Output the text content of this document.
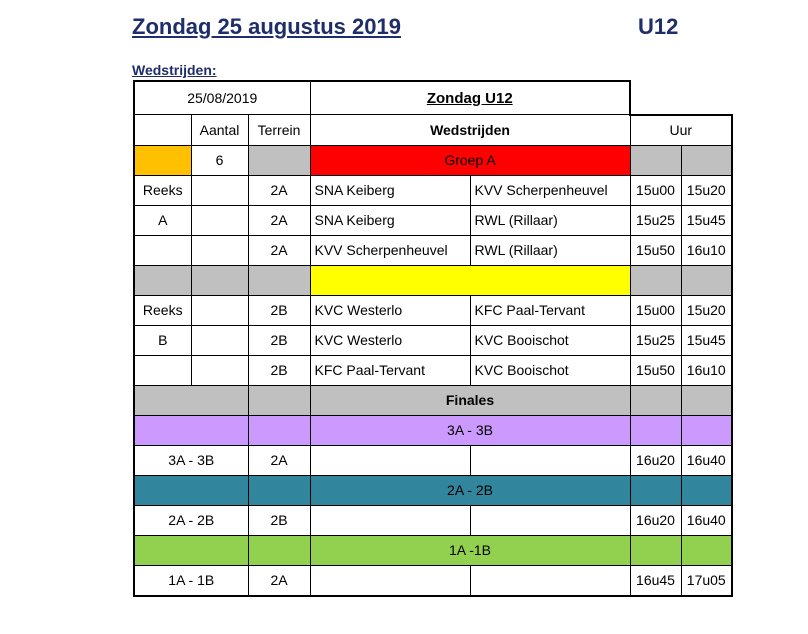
Zondag 25 augustus 2019	U12
Wedstrijden:
25/08/2019			Zondag U12			
	Aantal	Terrein	Wedstrijden		Uur	
	6		Groep A			
Reeks		2A	SNA Keiberg	KVV Scherpenheuvel	15u00	15u20
A		2A	SNA Keiberg	RWL (Rillaar)	15u25	15u45
		2A	KVV Scherpenheuvel	RWL (Rillaar)	15u50	16u10

Reeks		2B	KVC Westerlo	KFC Paal-Tervant	15u00	15u20
B		2B	KVC Westerlo	KVC Booischot	15u25	15u45
		2B	KFC Paal-Tervant	KVC Booischot	15u50	16u10
			Finales			
			3A - 3B			
3A - 3B		2A			16u20	16u40
			2A - 2B			
2A - 2B		2B			16u20	16u40
			1A -1B			
1A - 1B		2A			16u45	17u05
